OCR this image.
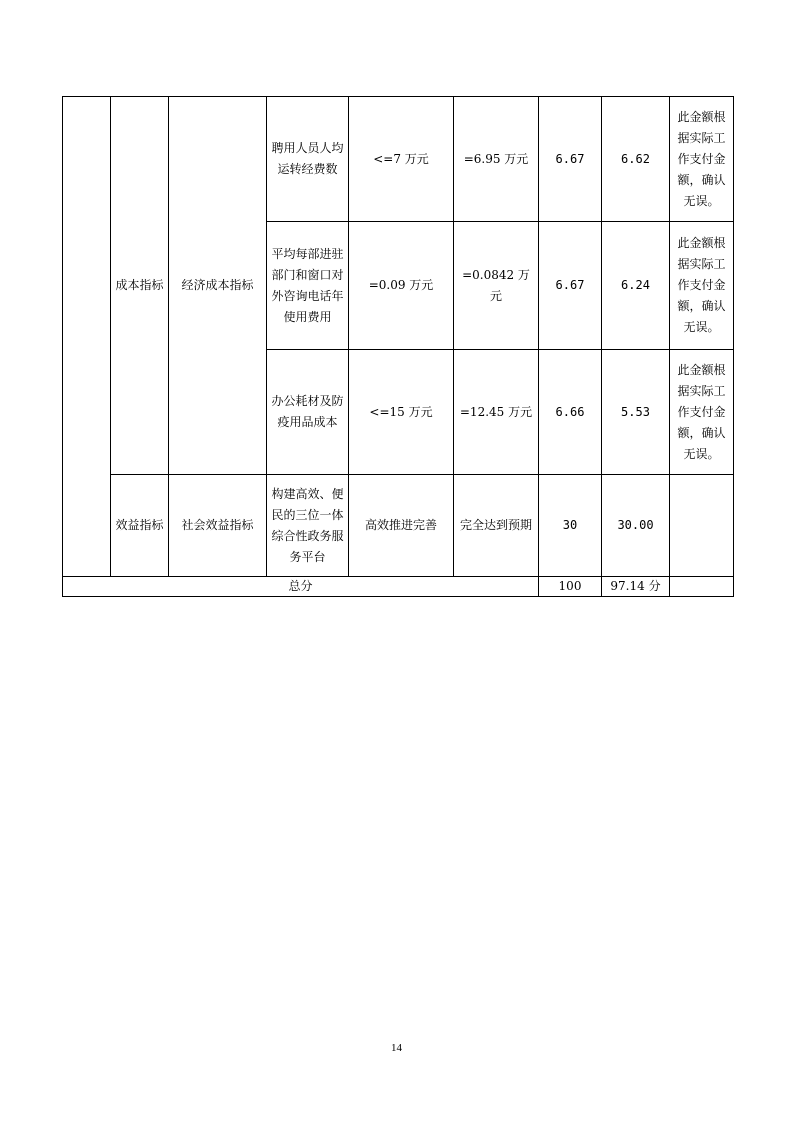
	成本指标	经济成本指标	聘用人员人均运转经费数	<=7 万元	=6.95 万元	6.67	6.62	此金额根据实际工作支付金额，确认无误。
			平均每部进驻部门和窗口对外咨询电话年使用费用	=0.09 万元	=0.0842 万元	6.67	6.24	此金额根据实际工作支付金额，确认无误。
			办公耗材及防疫用品成本	<=15 万元	=12.45 万元	6.66	5.53	此金额根据实际工作支付金额，确认无误。
	效益指标	社会效益指标	构建高效、便民的三位一体综合性政务服务平台	高效推进完善	完全达到预期	30	30.00	
总分						100	97.14 分	
14
